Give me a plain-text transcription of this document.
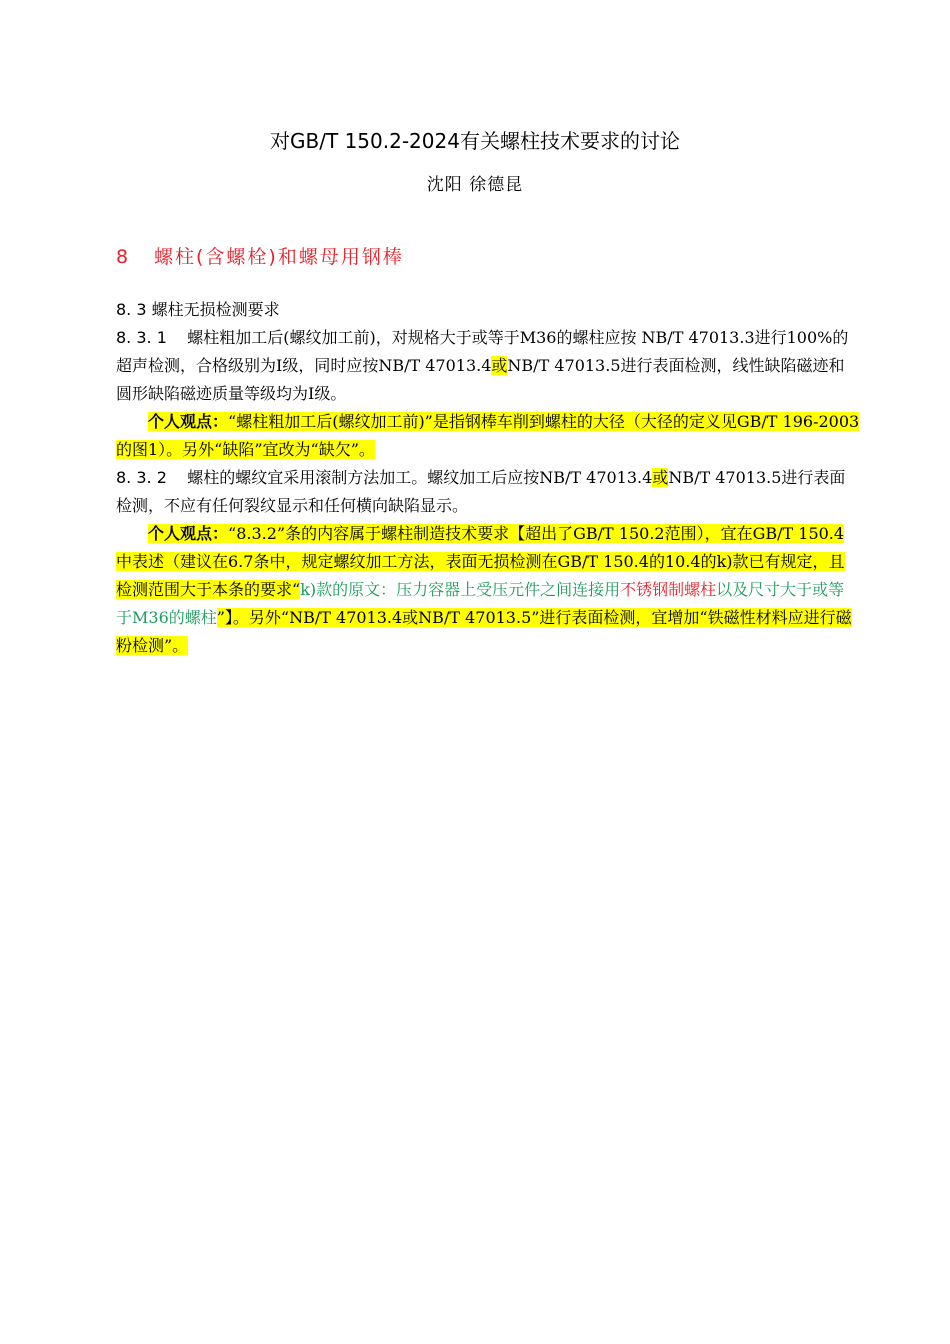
对GB/T 150.2-2024有关螺柱技术要求的讨论
沈阳 徐德昆
8 螺柱(含螺栓)和螺母用钢棒

8. 3 螺柱无损检测要求

8. 3. 1 螺柱粗加工后(螺纹加工前)，对规格大于或等于M36的螺柱应按 NB/T 47013.3进行100%的超声检测，合格级别为Ⅰ级，同时应按NB/T 47013.4或NB/T 47013.5进行表面检测，线性缺陷磁迹和圆形缺陷磁迹质量等级均为Ⅰ级。

个人观点：“螺柱粗加工后(螺纹加工前)”是指钢棒车削到螺柱的大径（大径的定义见GB/T 196-2003的图1）。另外“缺陷”宜改为“缺欠”。

8. 3. 2 螺柱的螺纹宜采用滚制方法加工。螺纹加工后应按NB/T 47013.4或NB/T 47013.5进行表面检测，不应有任何裂纹显示和任何横向缺陷显示。

个人观点：“8.3.2”条的内容属于螺柱制造技术要求【超出了GB/T 150.2范围），宜在GB/T 150.4中表述（建议在6.7条中，规定螺纹加工方法，表面无损检测在GB/T 150.4的10.4的k)款已有规定，且检测范围大于本条的要求“k)款的原文：压力容器上受压元件之间连接用不锈钢制螺柱以及尺寸大于或等于M36的螺柱”】。另外“NB/T 47013.4或NB/T 47013.5”进行表面检测，宜增加“铁磁性材料应进行磁粉检测”。
